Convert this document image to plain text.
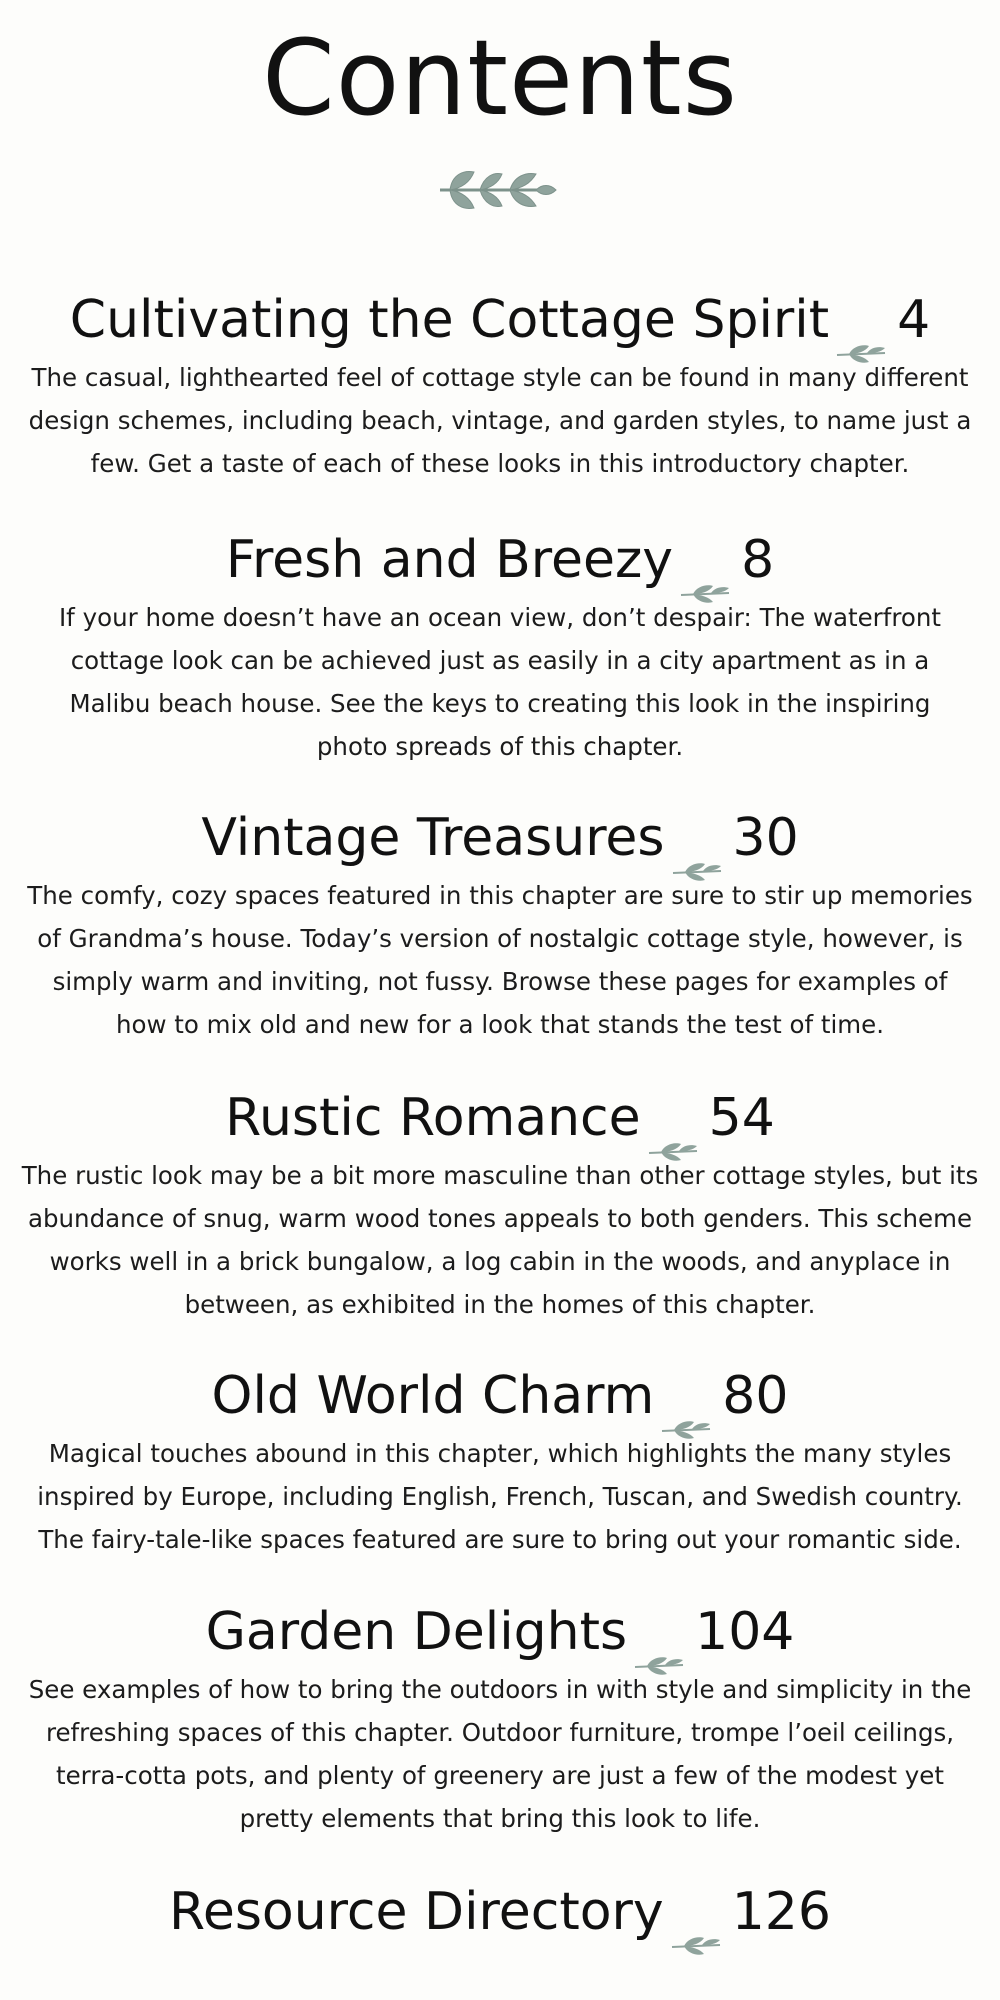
Contents
Cultivating the Cottage Spirit 4
The casual, lighthearted feel of cottage style can be found in many different design schemes, including beach, vintage, and garden styles, to name just a few. Get a taste of each of these looks in this introductory chapter.
Fresh and Breezy 8
If your home doesn’t have an ocean view, don’t despair: The waterfront cottage look can be achieved just as easily in a city apartment as in a Malibu beach house. See the keys to creating this look in the inspiring photo spreads of this chapter.
Vintage Treasures 30
The comfy, cozy spaces featured in this chapter are sure to stir up memories of Grandma’s house. Today’s version of nostalgic cottage style, however, is simply warm and inviting, not fussy. Browse these pages for examples of how to mix old and new for a look that stands the test of time.
Rustic Romance 54
The rustic look may be a bit more masculine than other cottage styles, but its abundance of snug, warm wood tones appeals to both genders. This scheme works well in a brick bungalow, a log cabin in the woods, and anyplace in between, as exhibited in the homes of this chapter.
Old World Charm 80
Magical touches abound in this chapter, which highlights the many styles inspired by Europe, including English, French, Tuscan, and Swedish country. The fairy-tale-like spaces featured are sure to bring out your romantic side.
Garden Delights 104
See examples of how to bring the outdoors in with style and simplicity in the refreshing spaces of this chapter. Outdoor furniture, trompe l’oeil ceilings, terra-cotta pots, and plenty of greenery are just a few of the modest yet pretty elements that bring this look to life.
Resource Directory 126
